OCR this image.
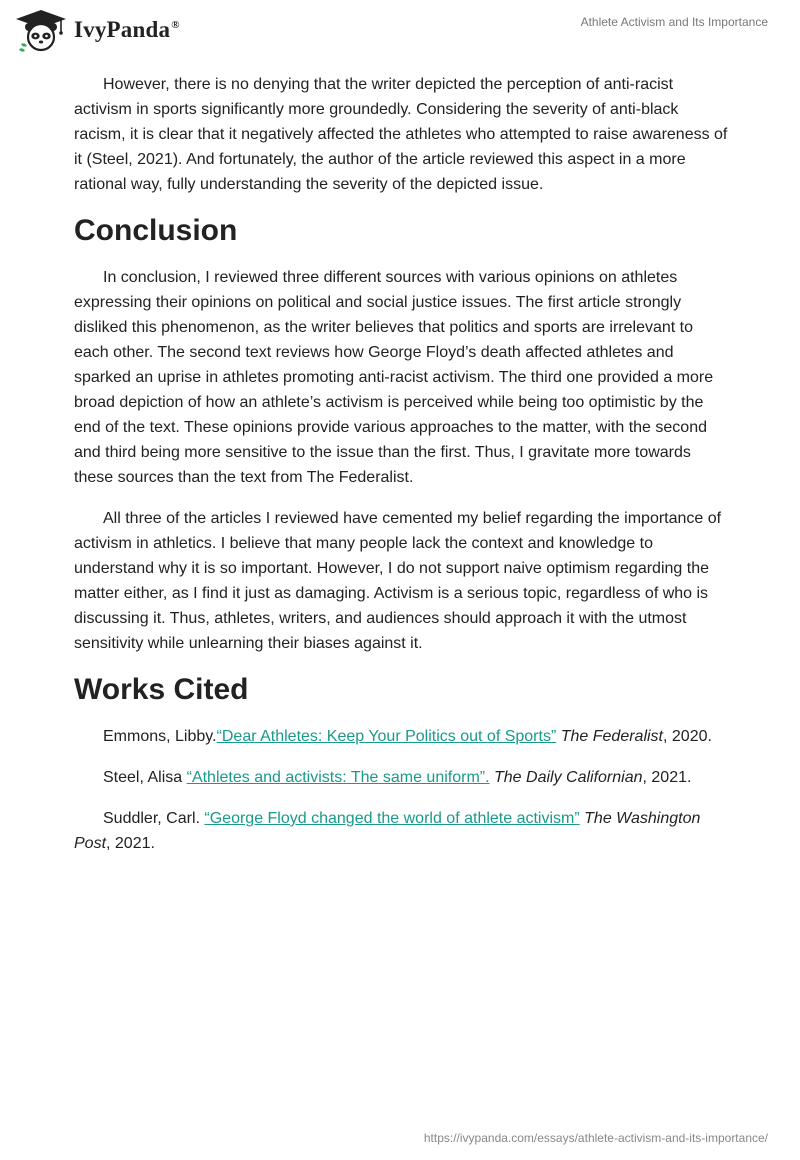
IvyPanda®	Athlete Activism and Its Importance

However, there is no denying that the writer depicted the perception of anti-racist activism in sports significantly more groundedly. Considering the severity of anti-black racism, it is clear that it negatively affected the athletes who attempted to raise awareness of it (Steel, 2021). And fortunately, the author of the article reviewed this aspect in a more rational way, fully understanding the severity of the depicted issue.

Conclusion

In conclusion, I reviewed three different sources with various opinions on athletes expressing their opinions on political and social justice issues. The first article strongly disliked this phenomenon, as the writer believes that politics and sports are irrelevant to each other. The second text reviews how George Floyd’s death affected athletes and sparked an uprise in athletes promoting anti-racist activism. The third one provided a more broad depiction of how an athlete’s activism is perceived while being too optimistic by the end of the text. These opinions provide various approaches to the matter, with the second and third being more sensitive to the issue than the first. Thus, I gravitate more towards these sources than the text from The Federalist.

All three of the articles I reviewed have cemented my belief regarding the importance of activism in athletics. I believe that many people lack the context and knowledge to understand why it is so important. However, I do not support naive optimism regarding the matter either, as I find it just as damaging. Activism is a serious topic, regardless of who is discussing it. Thus, athletes, writers, and audiences should approach it with the utmost sensitivity while unlearning their biases against it.

Works Cited

Emmons, Libby.“Dear Athletes: Keep Your Politics out of Sports” The Federalist, 2020.

Steel, Alisa “Athletes and activists: The same uniform”. The Daily Californian, 2021.

Suddler, Carl. “George Floyd changed the world of athlete activism” The Washington Post, 2021.

https://ivypanda.com/essays/athlete-activism-and-its-importance/
